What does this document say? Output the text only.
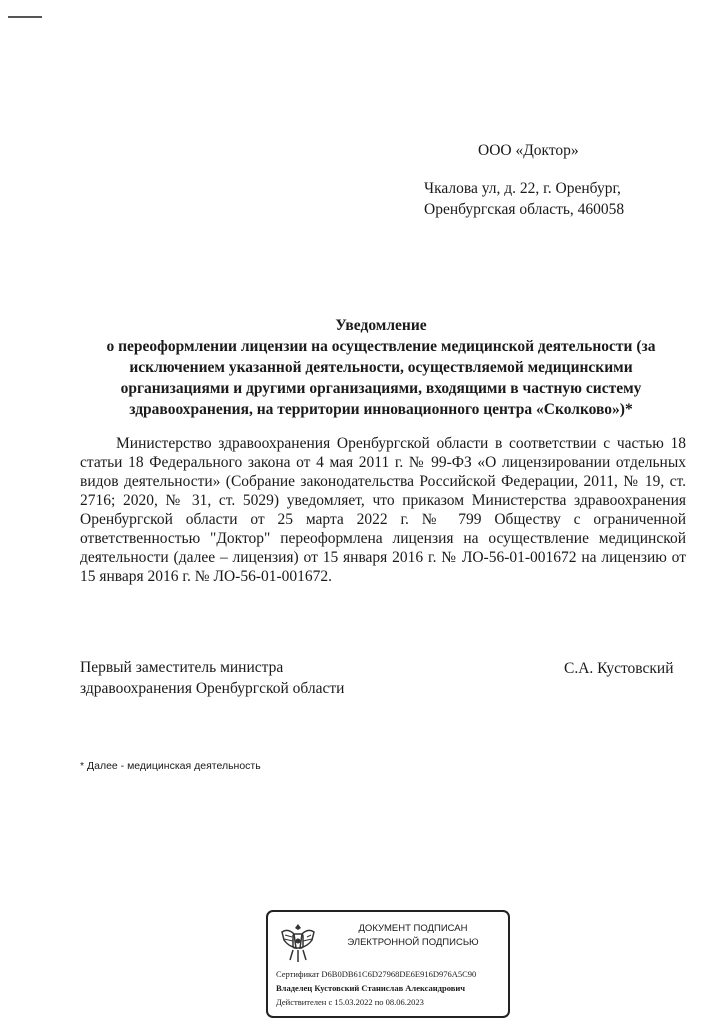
ООО «Доктор»
Чкалова ул, д. 22, г. Оренбург,
Оренбургская область, 460058
Уведомление
о переоформлении лицензии на осуществление медицинской деятельности (за исключением указанной деятельности, осуществляемой медицинскими организациями и другими организациями, входящими в частную систему здравоохранения, на территории инновационного центра «Сколково»)*
Министерство здравоохранения Оренбургской области в соответствии с частью 18 статьи 18 Федерального закона от 4 мая 2011 г. № 99-ФЗ «О лицензировании отдельных видов деятельности» (Собрание законодательства Российской Федерации, 2011, № 19, ст. 2716; 2020, № 31, ст. 5029) уведомляет, что приказом Министерства здравоохранения Оренбургской области от 25 марта 2022 г. № 799 Обществу с ограниченной ответственностью "Доктор" переоформлена лицензия на осуществление медицинской деятельности (далее – лицензия) от 15 января 2016 г. № ЛО-56-01-001672 на лицензию от 15 января 2016 г. № ЛО-56-01-001672.
Первый заместитель министра
здравоохранения Оренбургской области
С.А. Кустовский
* Далее - медицинская деятельность
ДОКУМЕНТ ПОДПИСАН
ЭЛЕКТРОННОЙ ПОДПИСЬЮ
Сертификат D6B0DB61C6D27968DE6E916D976A5C90
Владелец Кустовский Станислав Александрович
Действителен с 15.03.2022 по 08.06.2023
